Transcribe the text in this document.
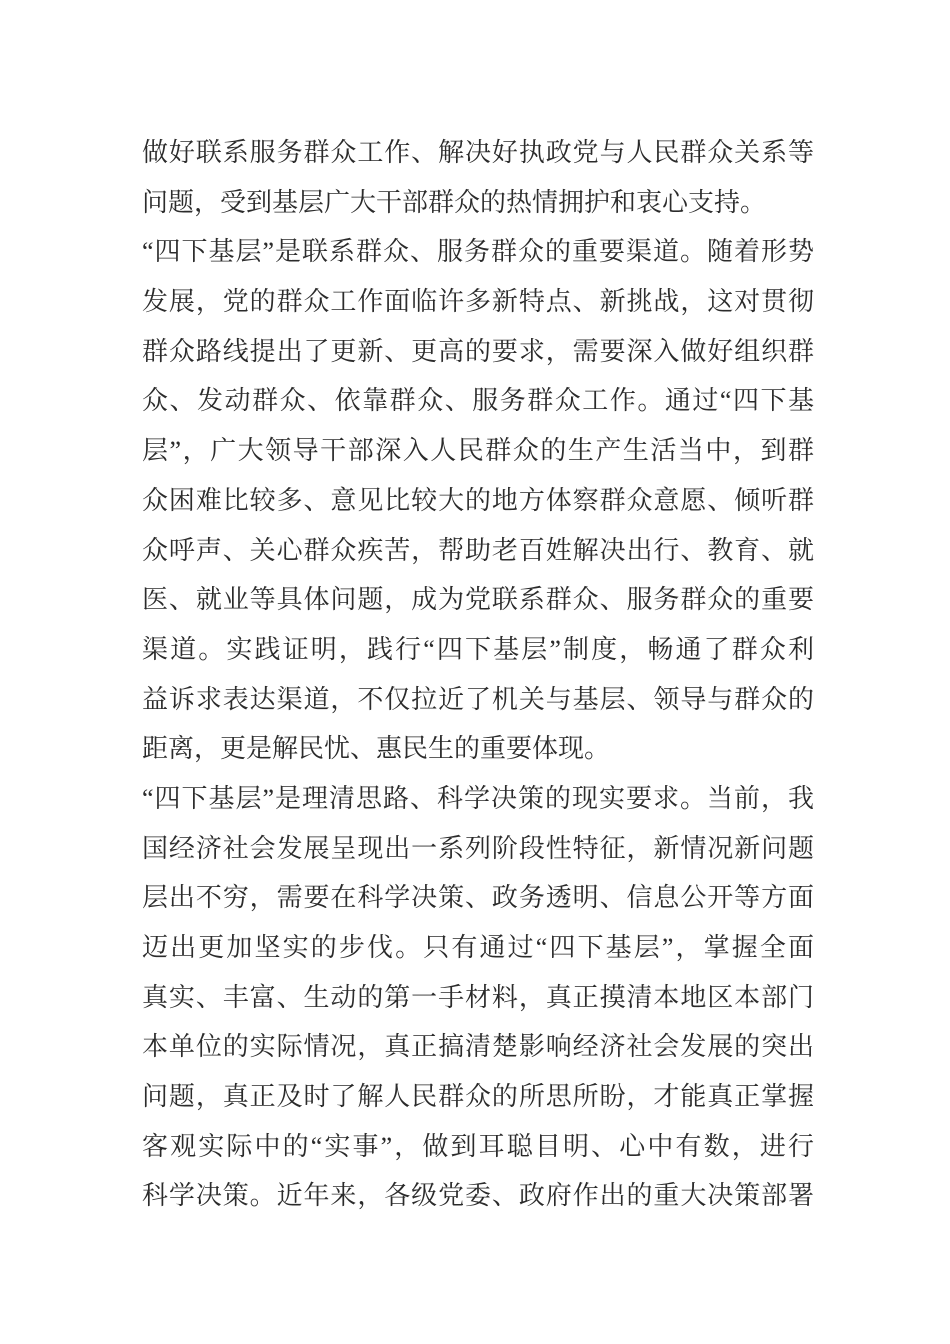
做好联系服务群众工作、解决好执政党与人民群众关系等
问题，受到基层广大干部群众的热情拥护和衷心支持。
“四下基层”是联系群众、服务群众的重要渠道。随着形势
发展，党的群众工作面临许多新特点、新挑战，这对贯彻
群众路线提出了更新、更高的要求，需要深入做好组织群
众、发动群众、依靠群众、服务群众工作。通过“四下基
层”，广大领导干部深入人民群众的生产生活当中，到群
众困难比较多、意见比较大的地方体察群众意愿、倾听群
众呼声、关心群众疾苦，帮助老百姓解决出行、教育、就
医、就业等具体问题，成为党联系群众、服务群众的重要
渠道。实践证明，践行“四下基层”制度，畅通了群众利
益诉求表达渠道，不仅拉近了机关与基层、领导与群众的
距离，更是解民忧、惠民生的重要体现。
“四下基层”是理清思路、科学决策的现实要求。当前，我
国经济社会发展呈现出一系列阶段性特征，新情况新问题
层出不穷，需要在科学决策、政务透明、信息公开等方面
迈出更加坚实的步伐。只有通过“四下基层”，掌握全面
真实、丰富、生动的第一手材料，真正摸清本地区本部门
本单位的实际情况，真正搞清楚影响经济社会发展的突出
问题，真正及时了解人民群众的所思所盼，才能真正掌握
客观实际中的“实事”，做到耳聪目明、心中有数，进行
科学决策。近年来，各级党委、政府作出的重大决策部署
